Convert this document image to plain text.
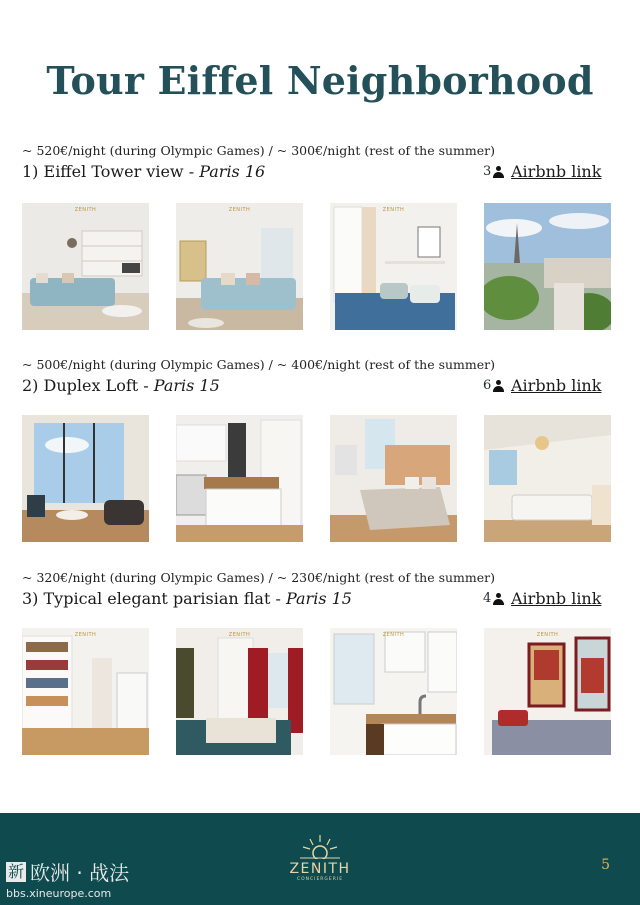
Tour Eiffel Neighborhood
~ 520€/night (during Olympic Games) / ~ 300€/night (rest of the summer)
1) Eiffel Tower view - Paris 16	3 Airbnb link
ZENITH	ZENITH	ZENITH
~ 500€/night (during Olympic Games) / ~ 400€/night (rest of the summer)
2) Duplex Loft - Paris 15	6 Airbnb link
~ 320€/night (during Olympic Games) / ~ 230€/night (rest of the summer)
3) Typical elegant parisian flat - Paris 15	4 Airbnb link
ZENITH	ZENITH	ZENITH	ZENITH
新 欧洲 · 战法
bbs.xineurope.com
ZENITH
CONCIERGERIE
5
